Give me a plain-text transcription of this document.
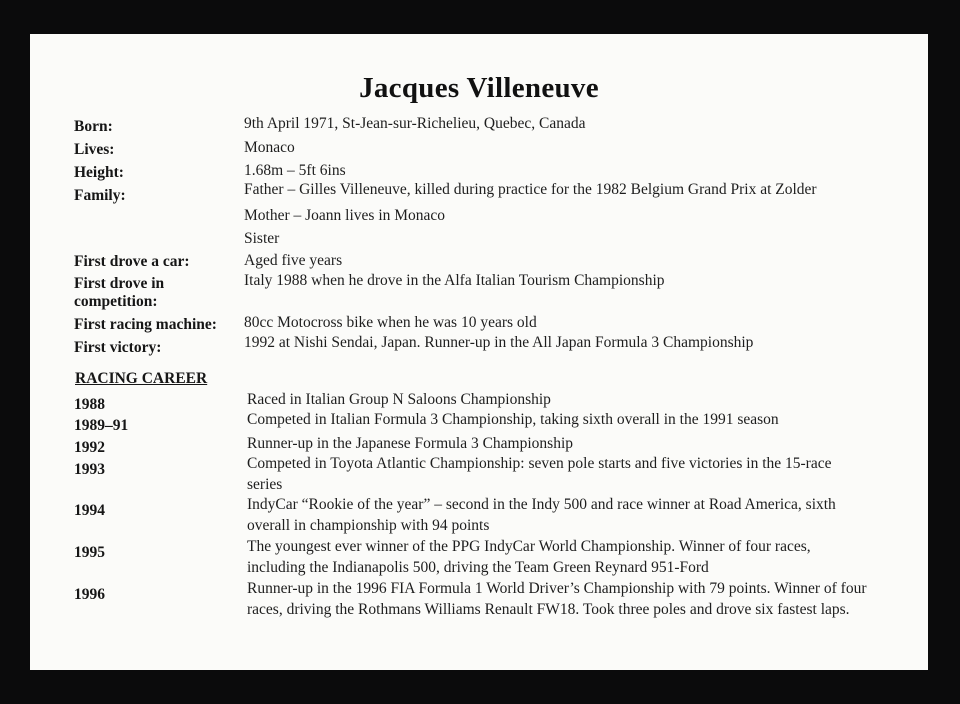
Jacques Villeneuve
Born:	9th April 1971, St-Jean-sur-Richelieu, Quebec, Canada
Lives:	Monaco
Height:	1.68m – 5ft 6ins
Family:	Father – Gilles Villeneuve, killed during practice for the 1982 Belgium Grand Prix at Zolder
Mother – Joann lives in Monaco
Sister
First drove a car:	Aged five years
First drove in competition:
Italy 1988 when he drove in the Alfa Italian Tourism Championship
First racing machine: 80cc Motocross bike when he was 10 years old
First victory:	1992 at Nishi Sendai, Japan. Runner-up in the All Japan Formula 3 Championship
RACING CAREER
1988	Raced in Italian Group N Saloons Championship
1989–91	Competed in Italian Formula 3 Championship, taking sixth overall in the 1991 season
1992	Runner-up in the Japanese Formula 3 Championship
1993	Competed in Toyota Atlantic Championship: seven pole starts and five victories in the 15-race series
1994	IndyCar “Rookie of the year” – second in the Indy 500 and race winner at Road America, sixth overall in championship with 94 points
1995	The youngest ever winner of the PPG IndyCar World Championship. Winner of four races, including the Indianapolis 500, driving the Team Green Reynard 951-Ford
1996	Runner-up in the 1996 FIA Formula 1 World Driver’s Championship with 79 points. Winner of four races, driving the Rothmans Williams Renault FW18. Took three poles and drove six fastest laps.
